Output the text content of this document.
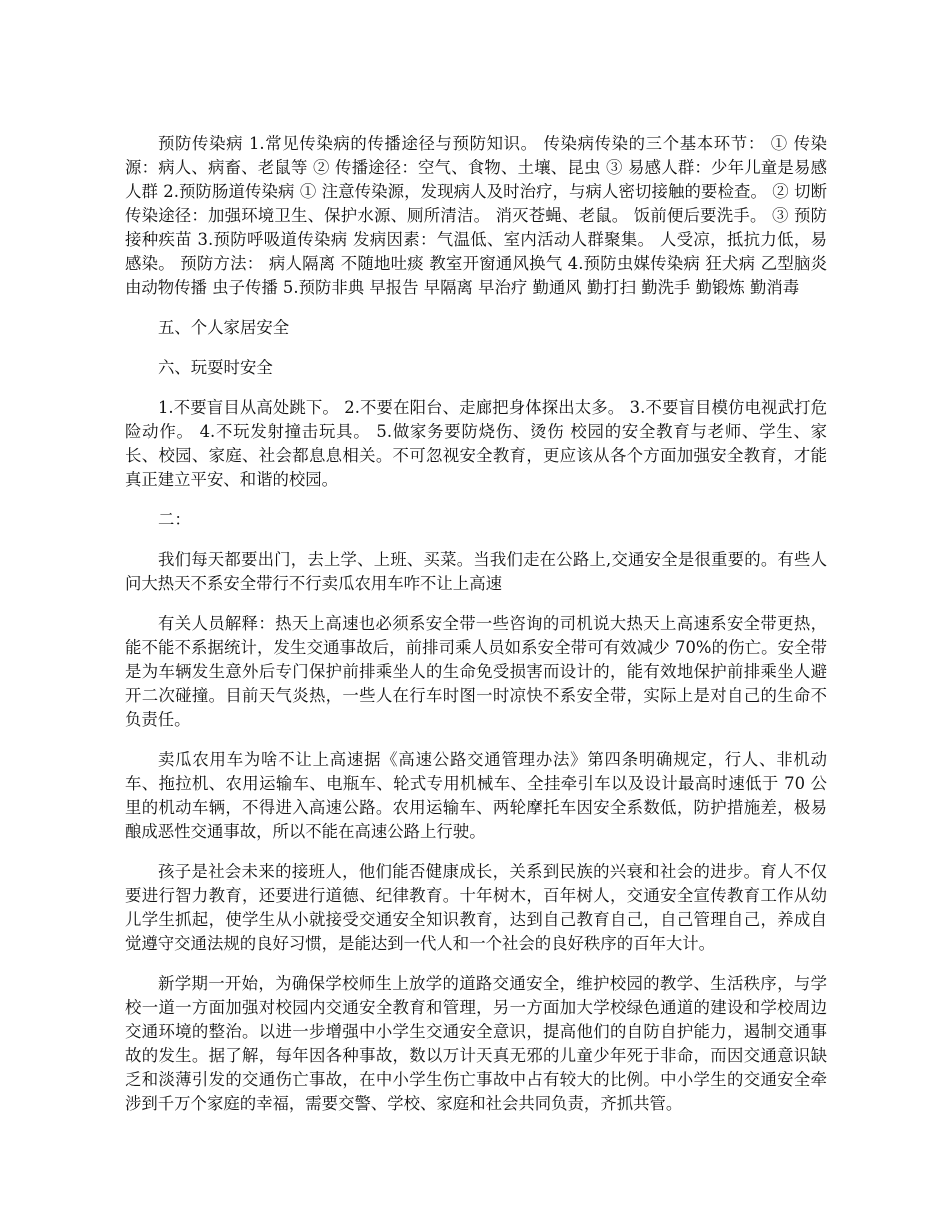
预防传染病 1.常见传染病的传播途径与预防知识。 传染病传染的三个基本环节： ① 传染源：病人、病畜、老鼠等 ② 传播途径：空气、食物、土壤、昆虫 ③ 易感人群：少年儿童是易感人群 2.预防肠道传染病 ① 注意传染源，发现病人及时治疗，与病人密切接触的要检查。 ② 切断传染途径：加强环境卫生、保护水源、厕所清洁。 消灭苍蝇、老鼠。 饭前便后要洗手。 ③ 预防接种疾苗 3.预防呼吸道传染病 发病因素：气温低、室内活动人群聚集。 人受凉，抵抗力低，易感染。 预防方法： 病人隔离 不随地吐痰 教室开窗通风换气 4.预防虫媒传染病 狂犬病 乙型脑炎 由动物传播 虫子传播 5.预防非典 早报告 早隔离 早治疗 勤通风 勤打扫 勤洗手 勤锻炼 勤消毒

五、个人家居安全

六、玩耍时安全

1.不要盲目从高处跳下。 2.不要在阳台、走廊把身体探出太多。 3.不要盲目模仿电视武打危险动作。 4.不玩发射撞击玩具。 5.做家务要防烧伤、烫伤 校园的安全教育与老师、学生、家长、校园、家庭、社会都息息相关。不可忽视安全教育，更应该从各个方面加强安全教育，才能真正建立平安、和谐的校园。

二：

我们每天都要出门，去上学、上班、买菜。当我们走在公路上,交通安全是很重要的。有些人问大热天不系安全带行不行卖瓜农用车咋不让上高速

有关人员解释：热天上高速也必须系安全带一些咨询的司机说大热天上高速系安全带更热，能不能不系据统计，发生交通事故后，前排司乘人员如系安全带可有效减少 70%的伤亡。安全带是为车辆发生意外后专门保护前排乘坐人的生命免受损害而设计的，能有效地保护前排乘坐人避开二次碰撞。目前天气炎热，一些人在行车时图一时凉快不系安全带，实际上是对自己的生命不负责任。

卖瓜农用车为啥不让上高速据《高速公路交通管理办法》第四条明确规定，行人、非机动车、拖拉机、农用运输车、电瓶车、轮式专用机械车、全挂牵引车以及设计最高时速低于 70 公里的机动车辆，不得进入高速公路。农用运输车、两轮摩托车因安全系数低，防护措施差，极易酿成恶性交通事故，所以不能在高速公路上行驶。

孩子是社会未来的接班人，他们能否健康成长，关系到民族的兴衰和社会的进步。育人不仅要进行智力教育，还要进行道德、纪律教育。十年树木，百年树人，交通安全宣传教育工作从幼儿学生抓起，使学生从小就接受交通安全知识教育，达到自己教育自己，自己管理自己，养成自觉遵守交通法规的良好习惯，是能达到一代人和一个社会的良好秩序的百年大计。

新学期一开始，为确保学校师生上放学的道路交通安全，维护校园的教学、生活秩序，与学校一道一方面加强对校园内交通安全教育和管理，另一方面加大学校绿色通道的建设和学校周边交通环境的整治。以进一步增强中小学生交通安全意识，提高他们的自防自护能力，遏制交通事故的发生。据了解，每年因各种事故，数以万计天真无邪的儿童少年死于非命，而因交通意识缺乏和淡薄引发的交通伤亡事故，在中小学生伤亡事故中占有较大的比例。中小学生的交通安全牵涉到千万个家庭的幸福，需要交警、学校、家庭和社会共同负责，齐抓共管。
